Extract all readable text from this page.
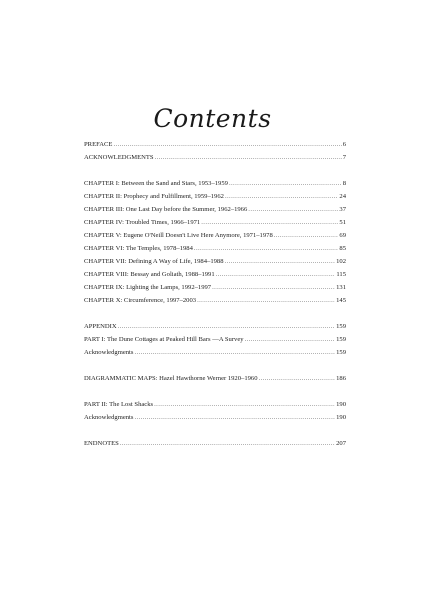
Contents
PREFACE .....	6
ACKNOWLEDGMENTS .....	7
CHAPTER I: Between the Sand and Stars, 1953–1959 .....	8
CHAPTER II: Prophecy and Fulfillment, 1959–1962 .....	24
CHAPTER III: One Last Day before the Summer, 1962–1966 .....	37
CHAPTER IV: Troubled Times, 1966–1971 .....	51
CHAPTER V: Eugene O'Neill Doesn't Live Here Anymore, 1971–1978 .....	69
CHAPTER VI: The Temples, 1978–1984 .....	85
CHAPTER VII: Defining A Way of Life, 1984–1988 .....	102
CHAPTER VIII: Bessay and Goliath, 1988–1991 .....	115
CHAPTER IX: Lighting the Lamps, 1992–1997 .....	131
CHAPTER X: Circumference, 1997–2003 .....	145
APPENDIX .....	159
PART I: The Dune Cottages at Peaked Hill Bars —A Survey .....	159
Acknowledgments .....	159
DIAGRAMMATIC MAPS: Hazel Hawthorne Werner 1920–1960 .....	186
PART II: The Lost Shacks .....	190
Acknowledgments .....	190
ENDNOTES .....	207
